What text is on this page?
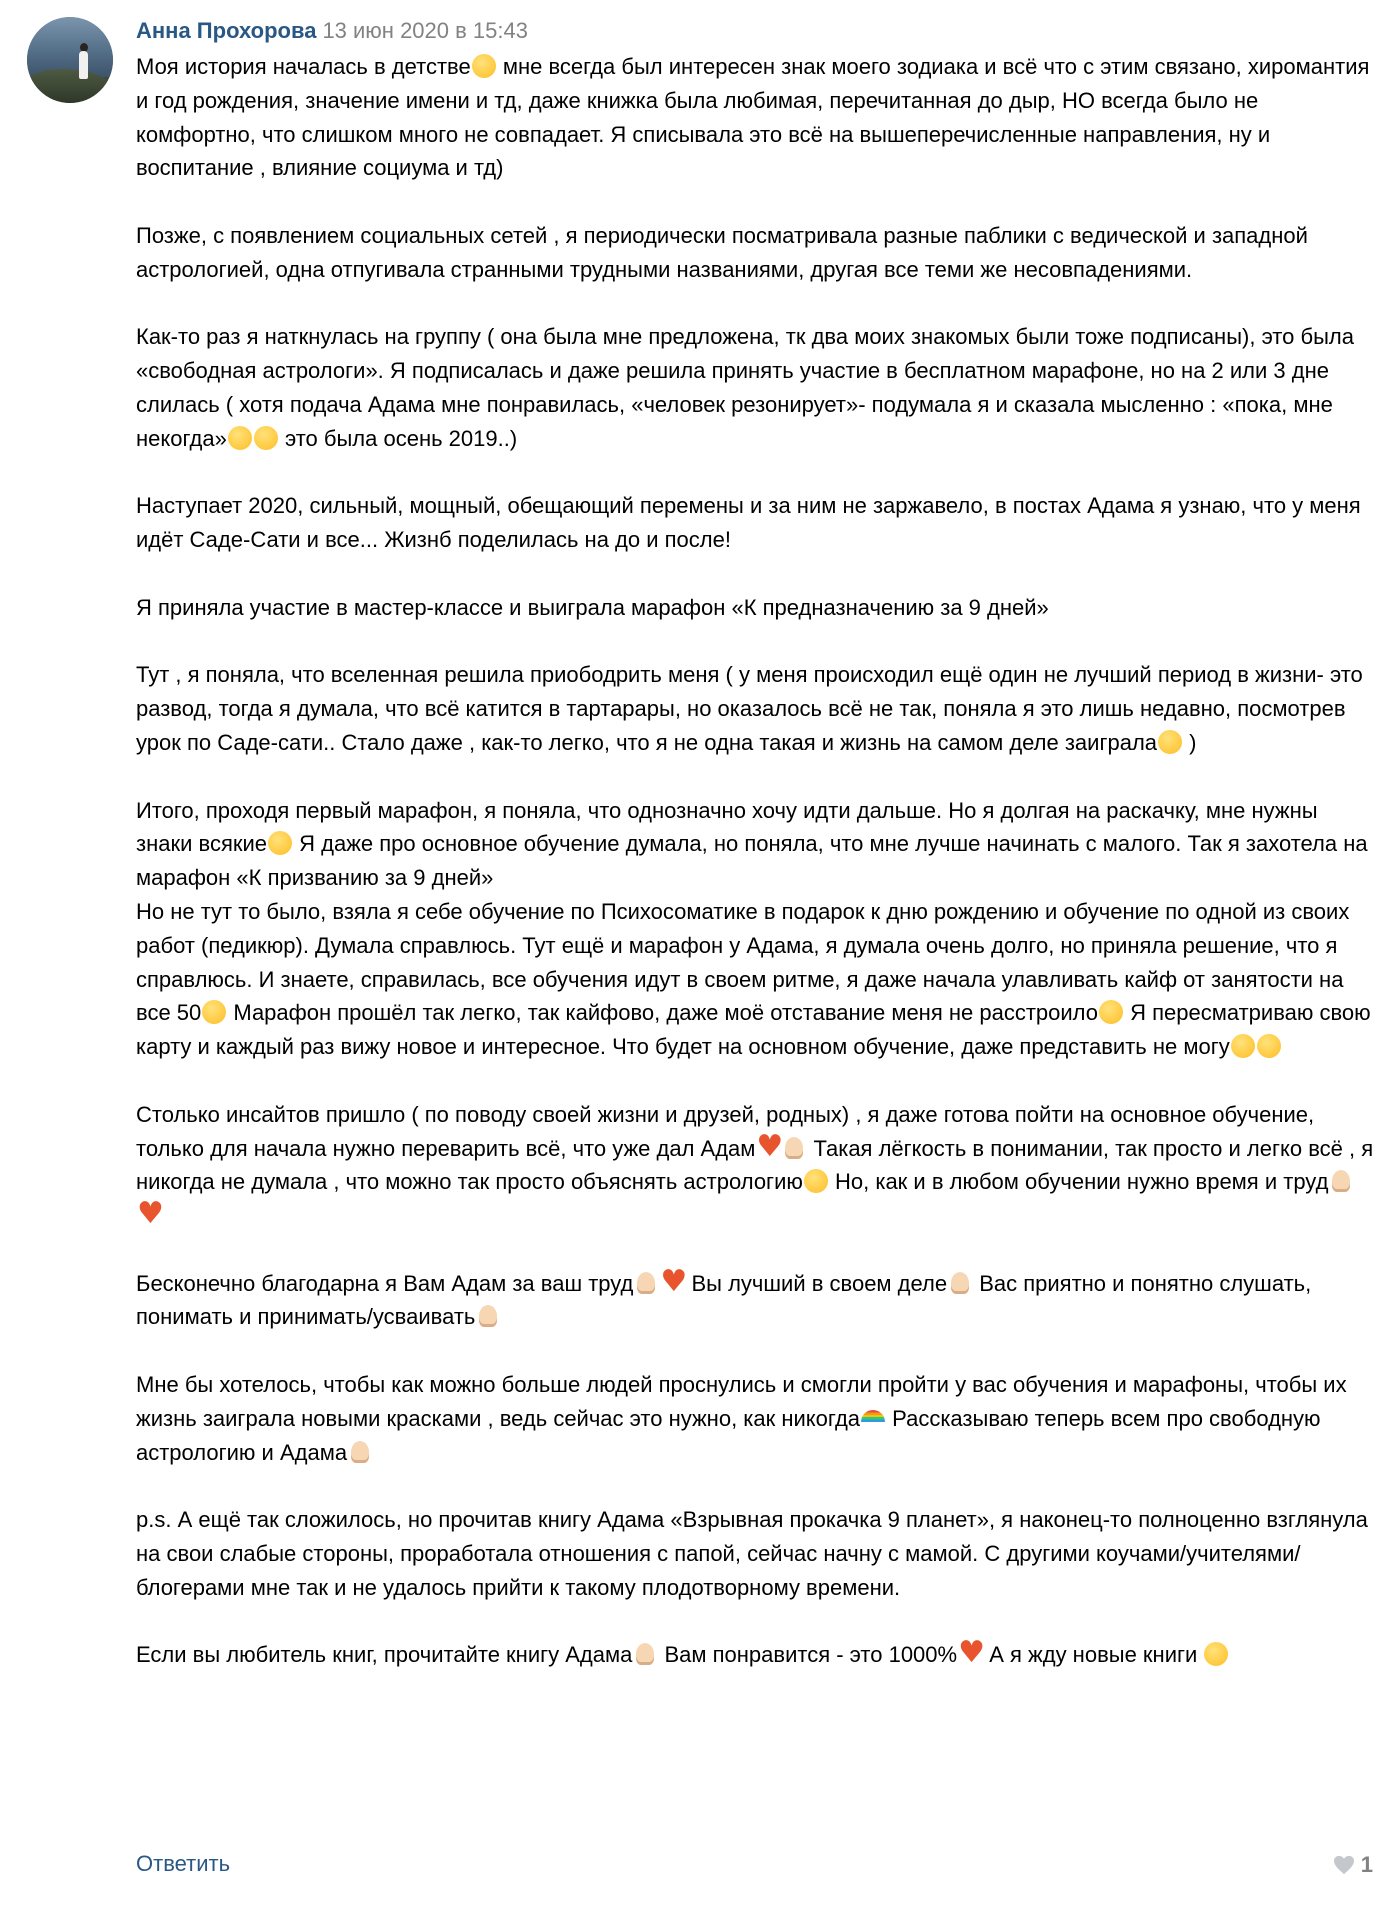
Анна Прохорова 13 июн 2020 в 15:43

Моя история началась в детстве мне всегда был интересен знак моего зодиака и всё что с этим связано, хиромантия и год рождения, значение имени и тд, даже книжка была любимая, перечитанная до дыр, НО всегда было не комфортно, что слишком много не совпадает. Я списывала это всё на вышеперечисленные направления, ну и воспитание , влияние социума и тд)

Позже, с появлением социальных сетей , я периодически посматривала разные паблики с ведической и западной астрологией, одна отпугивала странными трудными названиями, другая все теми же несовпадениями.

Как-то раз я наткнулась на группу ( она была мне предложена, тк два моих знакомых были тоже подписаны), это была «свободная астрологи». Я подписалась и даже решила принять участие в бесплатном марафоне, но на 2 или 3 дне слилась ( хотя подача Адама мне понравилась, «человек резонирует»- подумала я и сказала мысленно : «пока, мне некогда» это была осень 2019..)

Наступает 2020, сильный, мощный, обещающий перемены и за ним не заржавело, в постах Адама я узнаю, что у меня идёт Саде-Сати и все... Жизнб поделилась на до и после!

Я приняла участие в мастер-классе и выиграла марафон «К предназначению за 9 дней»

Тут , я поняла, что вселенная решила приободрить меня ( у меня происходил ещё один не лучший период в жизни- это развод, тогда я думала, что всё катится в тартарары, но оказалось всё не так, поняла я это лишь недавно, посмотрев урок по Саде-сати.. Стало даже , как-то легко, что я не одна такая и жизнь на самом деле заиграла )

Итого, проходя первый марафон, я поняла, что однозначно хочу идти дальше. Но я долгая на раскачку, мне нужны знаки всякие Я даже про основное обучение думала, но поняла, что мне лучше начинать с малого. Так я захотела на марафон «К призванию за 9 дней»

Но не тут то было, взяла я себе обучение по Психосоматике в подарок к дню рождению и обучение по одной из своих работ (педикюр). Думала справлюсь. Тут ещё и марафон у Адама, я думала очень долго, но приняла решение, что я справлюсь. И знаете, справилась, все обучения идут в своем ритме, я даже начала улавливать кайф от занятости на все 50 Марафон прошёл так легко, так кайфово, даже моё отставание меня не расстроило Я пересматриваю свою карту и каждый раз вижу новое и интересное. Что будет на основном обучение, даже представить не могу

Столько инсайтов пришло ( по поводу своей жизни и друзей, родных) , я даже готова пойти на основное обучение, только для начала нужно переварить всё, что уже дал Адам♥ Такая лёгкость в понимании, так просто и легко всё , я никогда не думала , что можно так просто объяснять астрологию Но, как и в любом обучении нужно время и труд♥

Бесконечно благодарна я Вам Адам за ваш труд♥ Вы лучший в своем деле Вас приятно и понятно слушать, понимать и принимать/усваивать

Мне бы хотелось, чтобы как можно больше людей проснулись и смогли пройти у вас обучения и марафоны, чтобы их жизнь заиграла новыми красками , ведь сейчас это нужно, как никогда Рассказываю теперь всем про свободную астрологию и Адама

p.s. А ещё так сложилось, но прочитав книгу Адама «Взрывная прокачка 9 планет», я наконец-то полноценно взглянула на свои слабые стороны, проработала отношения с папой, сейчас начну с мамой. С другими коучами/учителями/блогерами мне так и не удалось прийти к такому плодотворному времени.

Если вы любитель книг, прочитайте книгу Адама Вам понравится - это 1000%♥ А я жду новые книги

Ответить	1
